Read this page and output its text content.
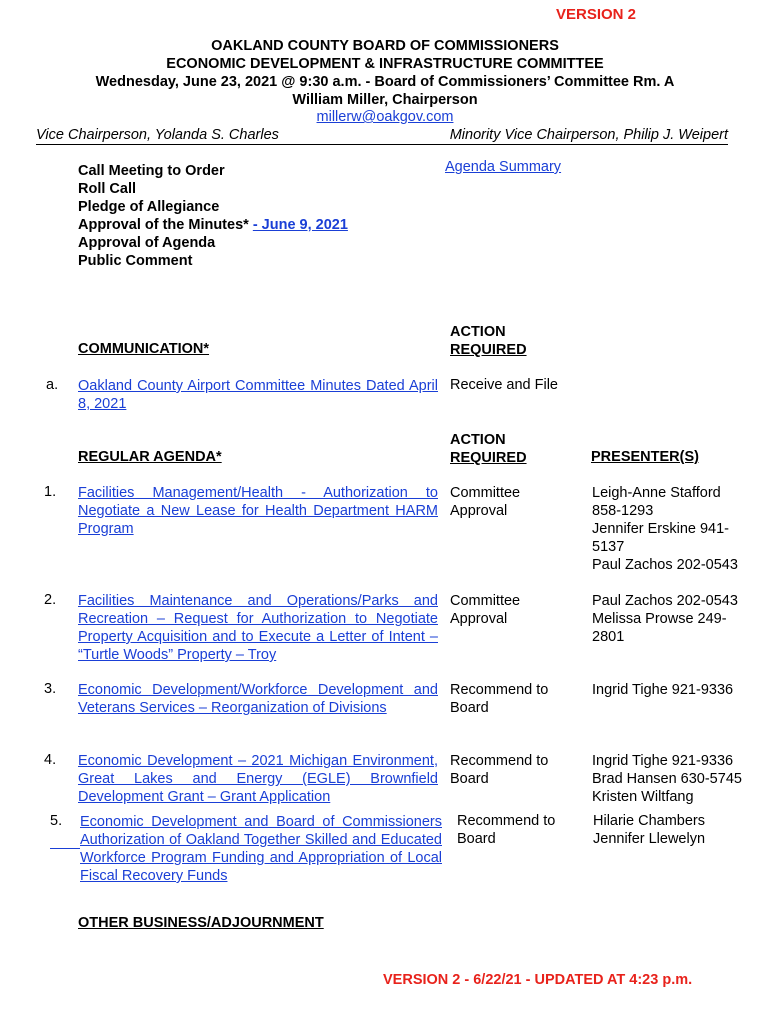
VERSION 2
OAKLAND COUNTY BOARD OF COMMISSIONERS
ECONOMIC DEVELOPMENT & INFRASTRUCTURE COMMITTEE
Wednesday, June 23, 2021 @ 9:30 a.m. - Board of Commissioners’ Committee Rm. A
William Miller, Chairperson
millerw@oakgov.com
Vice Chairperson, Yolanda S. Charles	Minority Vice Chairperson, Philip J. Weipert
Call Meeting to Order
Roll Call
Pledge of Allegiance
Approval of the Minutes* - June 9, 2021
Approval of Agenda
Public Comment
Agenda Summary
COMMUNICATION*
ACTION
REQUIRED
a. Oakland County Airport Committee Minutes Dated April 8, 2021
Receive and File
REGULAR AGENDA*
ACTION
REQUIRED	PRESENTER(S)
1. Facilities Management/Health - Authorization to Negotiate a New Lease for Health Department HARM Program
Committee
Approval
Leigh-Anne Stafford
858-1293
Jennifer Erskine 941-
5137
Paul Zachos 202-0543
2. Facilities Maintenance and Operations/Parks and Recreation – Request for Authorization to Negotiate Property Acquisition and to Execute a Letter of Intent – “Turtle Woods” Property – Troy
Committee
Approval
Paul Zachos 202-0543
Melissa Prowse 249-
2801
3. Economic Development/Workforce Development and Veterans Services – Reorganization of Divisions
Recommend to
Board
Ingrid Tighe 921-9336
4. Economic Development – 2021 Michigan Environment, Great Lakes and Energy (EGLE) Brownfield Development Grant – Grant Application
Recommend to
Board
Ingrid Tighe 921-9336
Brad Hansen 630-5745
Kristen Wiltfang
5. Economic Development and Board of Commissioners Authorization of Oakland Together Skilled and Educated Workforce Program Funding and Appropriation of Local Fiscal Recovery Funds
Recommend to
Board
Hilarie Chambers
Jennifer Llewelyn
OTHER BUSINESS/ADJOURNMENT
VERSION 2 - 6/22/21 - UPDATED AT 4:23 p.m.
